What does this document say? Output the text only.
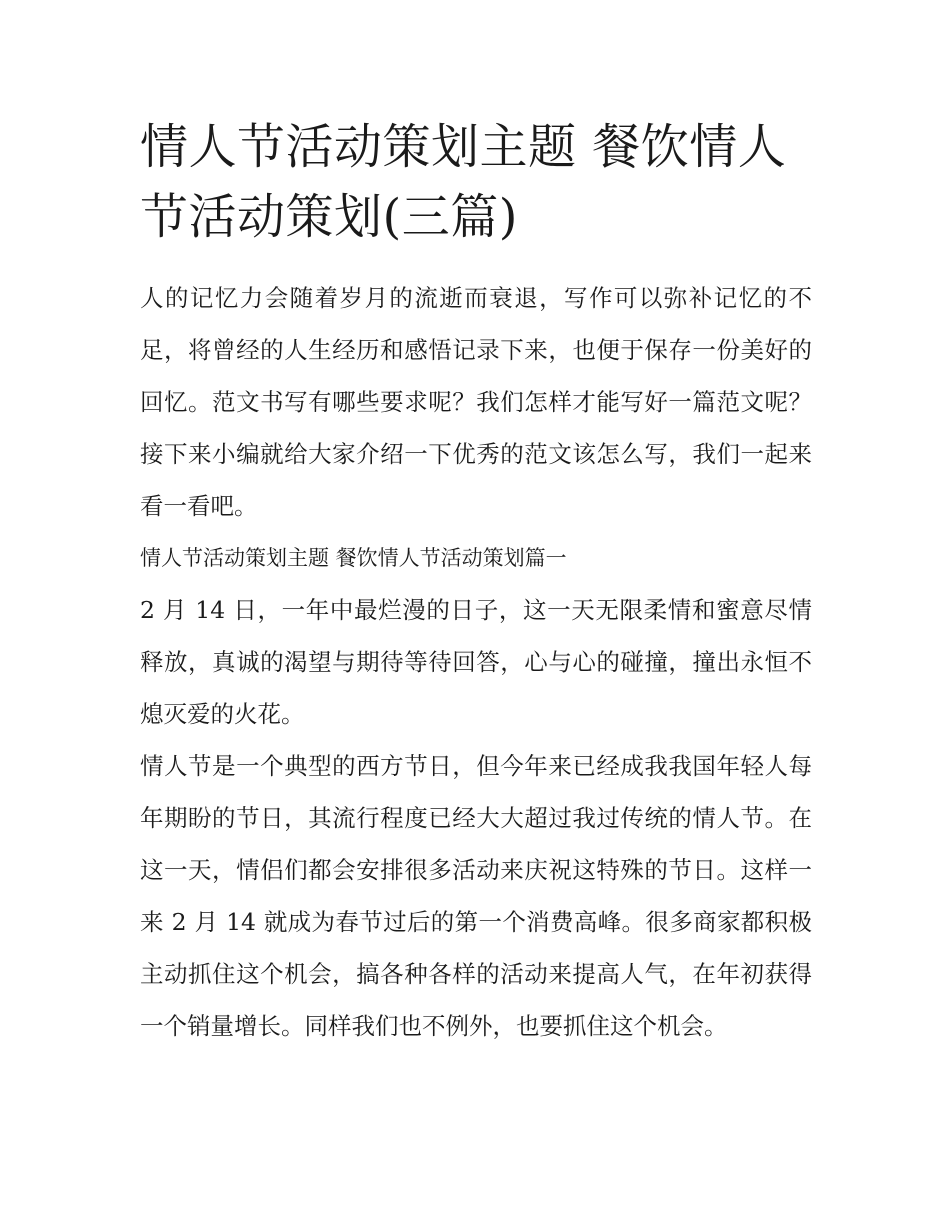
情人节活动策划主题 餐饮情人节活动策划(三篇)

人的记忆力会随着岁月的流逝而衰退，写作可以弥补记忆的不足，将曾经的人生经历和感悟记录下来，也便于保存一份美好的回忆。范文书写有哪些要求呢？我们怎样才能写好一篇范文呢？接下来小编就给大家介绍一下优秀的范文该怎么写，我们一起来看一看吧。

情人节活动策划主题 餐饮情人节活动策划篇一

2 月 14 日，一年中最烂漫的日子，这一天无限柔情和蜜意尽情释放，真诚的渴望与期待等待回答，心与心的碰撞，撞出永恒不熄灭爱的火花。

情人节是一个典型的西方节日，但今年来已经成我我国年轻人每年期盼的节日，其流行程度已经大大超过我过传统的情人节。在这一天，情侣们都会安排很多活动来庆祝这特殊的节日。这样一来 2 月 14 就成为春节过后的第一个消费高峰。很多商家都积极主动抓住这个机会，搞各种各样的活动来提高人气，在年初获得一个销量增长。同样我们也不例外，也要抓住这个机会。
